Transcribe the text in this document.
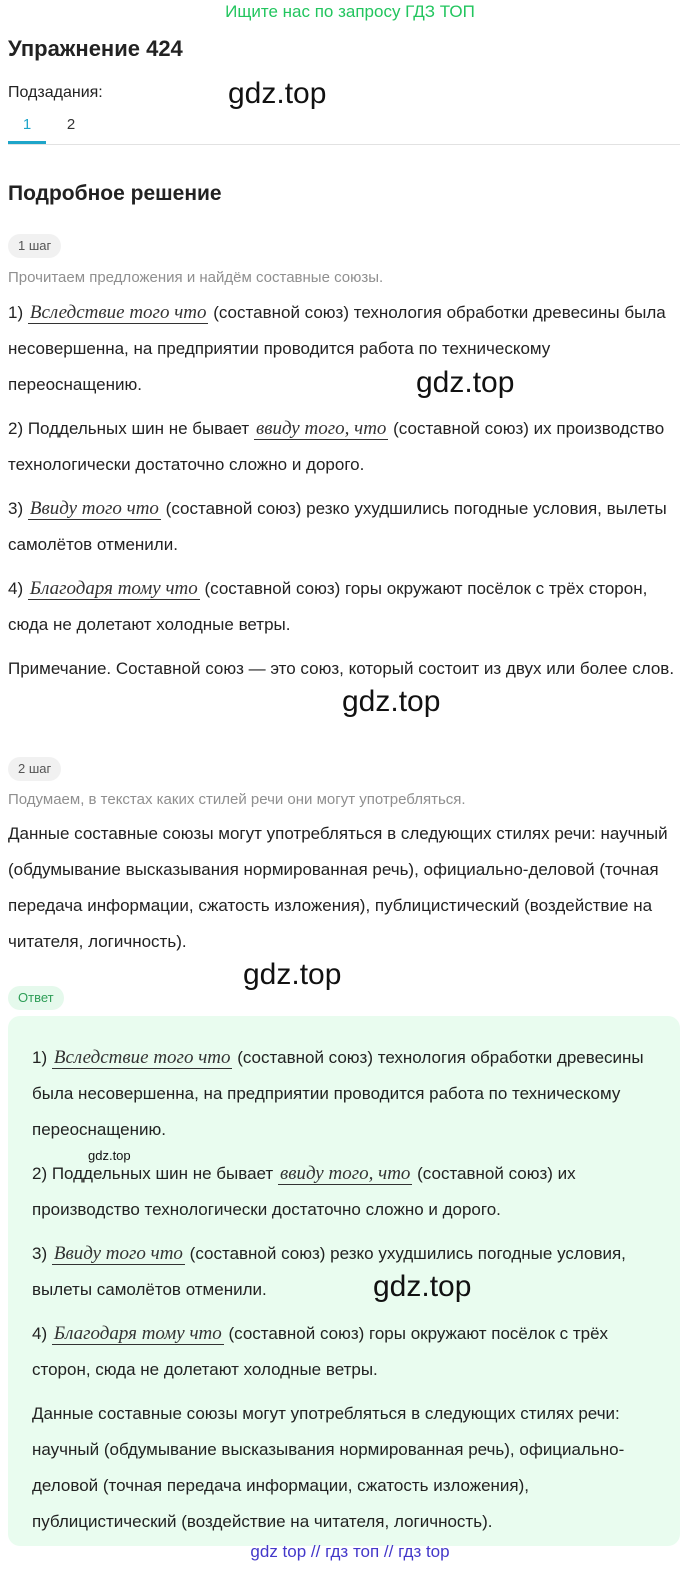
Ищите нас по запросу ГДЗ ТОП
Упражнение 424
Подзадания:	gdz.top
1	2
Подробное решение
1 шаг
Прочитаем предложения и найдём составные союзы.
1) Вследствие того что (составной союз) технология обработки древесины была несовершенна, на предприятии проводится работа по техническому переоснащению.	gdz.top
2) Поддельных шин не бывает ввиду того, что (составной союз) их производство технологически достаточно сложно и дорого.
3) Ввиду того что (составной союз) резко ухудшились погодные условия, вылеты самолётов отменили.
4) Благодаря тому что (составной союз) горы окружают посёлок с трёх сторон, сюда не долетают холодные ветры.
Примечание. Составной союз — это союз, который состоит из двух или более слов.
gdz.top
2 шаг
Подумаем, в текстах каких стилей речи они могут употребляться.
Данные составные союзы могут употребляться в следующих стилях речи: научный (обдумывание высказывания нормированная речь), официально-деловой (точная передача информации, сжатость изложения), публицистический (воздействие на читателя, логичность).
gdz.top
Ответ
1) Вследствие того что (составной союз) технология обработки древесины была несовершенна, на предприятии проводится работа по техническому переоснащению.
gdz.top
2) Поддельных шин не бывает ввиду того, что (составной союз) их производство технологически достаточно сложно и дорого.
3) Ввиду того что (составной союз) резко ухудшились погодные условия, вылеты самолётов отменили.	gdz.top
4) Благодаря тому что (составной союз) горы окружают посёлок с трёх сторон, сюда не долетают холодные ветры.
Данные составные союзы могут употребляться в следующих стилях речи: научный (обдумывание высказывания нормированная речь), официально-деловой (точная передача информации, сжатость изложения), публицистический (воздействие на читателя, логичность).
gdz top // гдз топ // гдз top
